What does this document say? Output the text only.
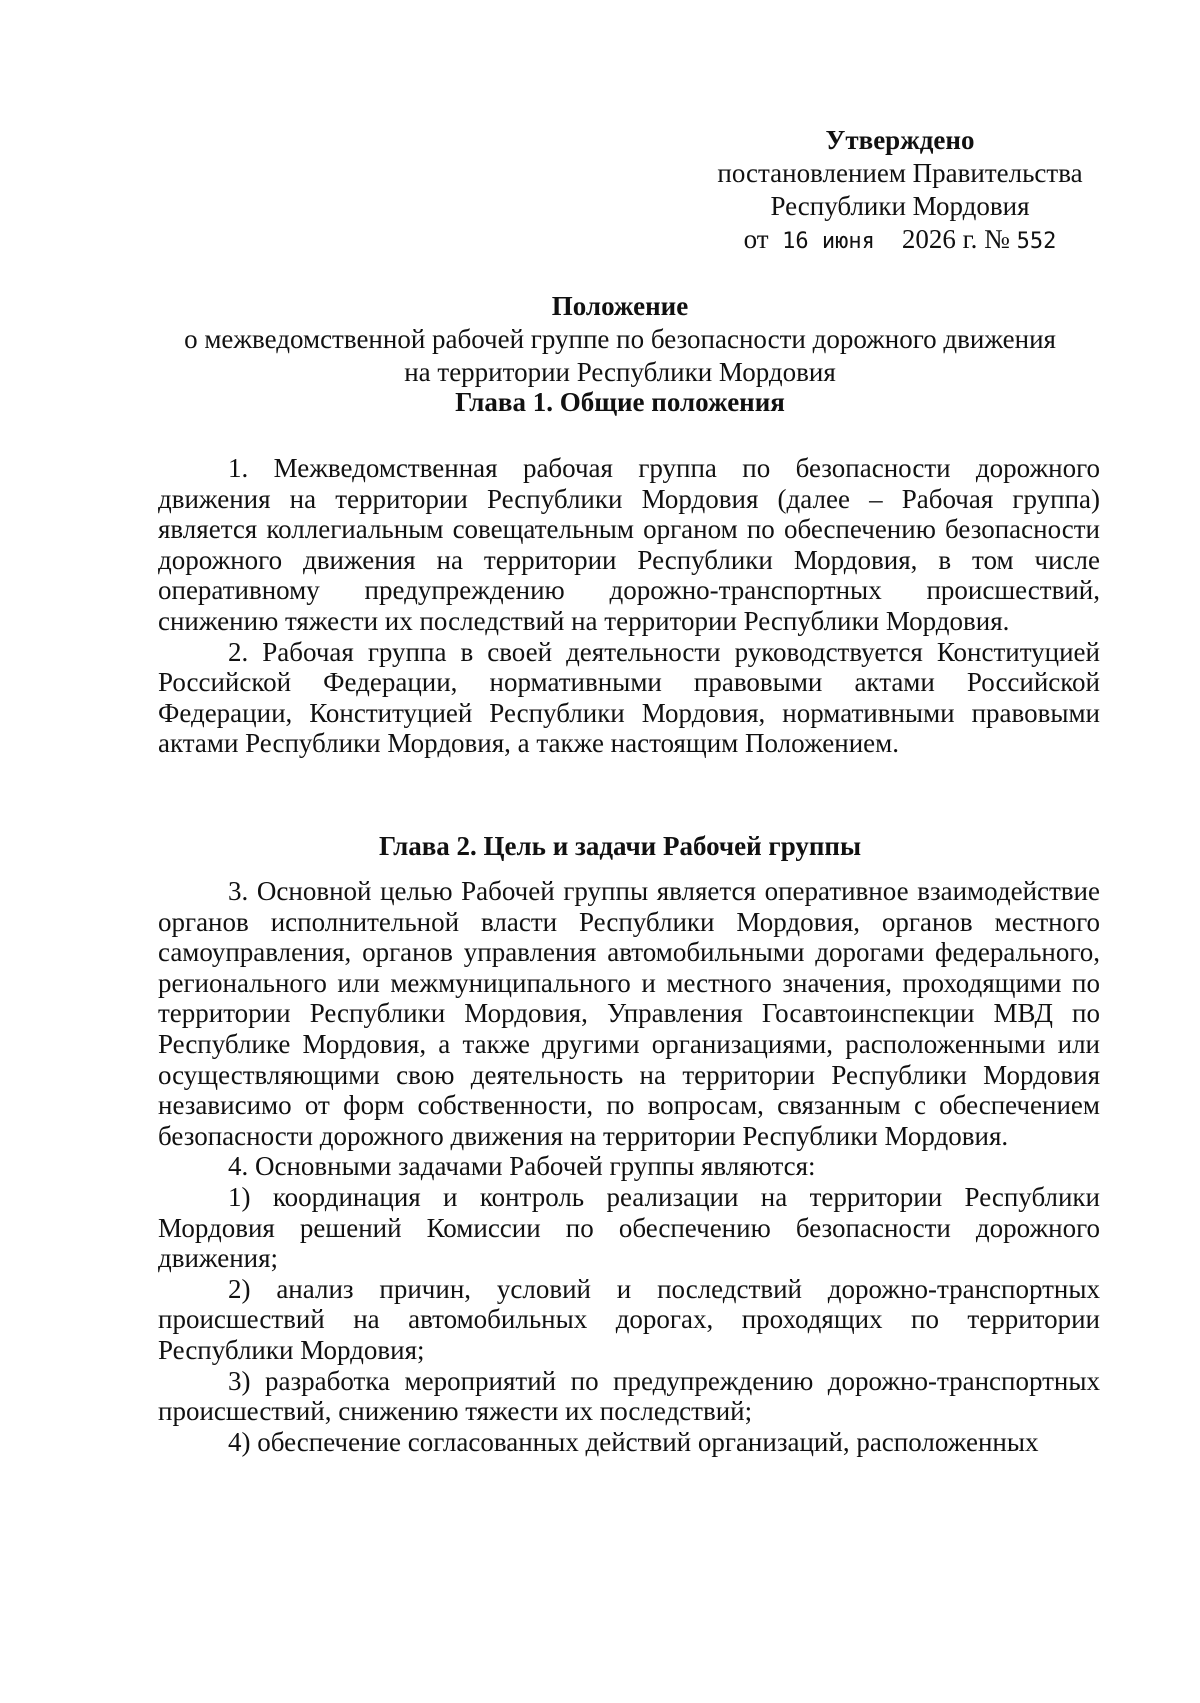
Утверждено
постановлением Правительства
Республики Мордовия
от 16 июня 2026 г. № 552
Положение
о межведомственной рабочей группе по безопасности дорожного движения
на территории Республики Мордовия
Глава 1. Общие положения

1. Межведомственная рабочая группа по безопасности дорожного движения на территории Республики Мордовия (далее – Рабочая группа) является коллегиальным совещательным органом по обеспечению безопасности дорожного движения на территории Республики Мордовия, в том числе оперативному предупреждению дорожно-транспортных происшествий, снижению тяжести их последствий на территории Республики Мордовия.

2. Рабочая группа в своей деятельности руководствуется Конституцией Российской Федерации, нормативными правовыми актами Российской Федерации, Конституцией Республики Мордовия, нормативными правовыми актами Республики Мордовия, а также настоящим Положением.

Глава 2. Цель и задачи Рабочей группы

3. Основной целью Рабочей группы является оперативное взаимодействие органов исполнительной власти Республики Мордовия, органов местного самоуправления, органов управления автомобильными дорогами федерального, регионального или межмуниципального и местного значения, проходящими по территории Республики Мордовия, Управления Госавтоинспекции МВД по Республике Мордовия, а также другими организациями, расположенными или осуществляющими свою деятельность на территории Республики Мордовия независимо от форм собственности, по вопросам, связанным с обеспечением безопасности дорожного движения на территории Республики Мордовия.

4. Основными задачами Рабочей группы являются:

1) координация и контроль реализации на территории Республики Мордовия решений Комиссии по обеспечению безопасности дорожного движения;

2) анализ причин, условий и последствий дорожно-транспортных происшествий на автомобильных дорогах, проходящих по территории Республики Мордовия;

3) разработка мероприятий по предупреждению дорожно-транспортных происшествий, снижению тяжести их последствий;

4) обеспечение согласованных действий организаций, расположенных
